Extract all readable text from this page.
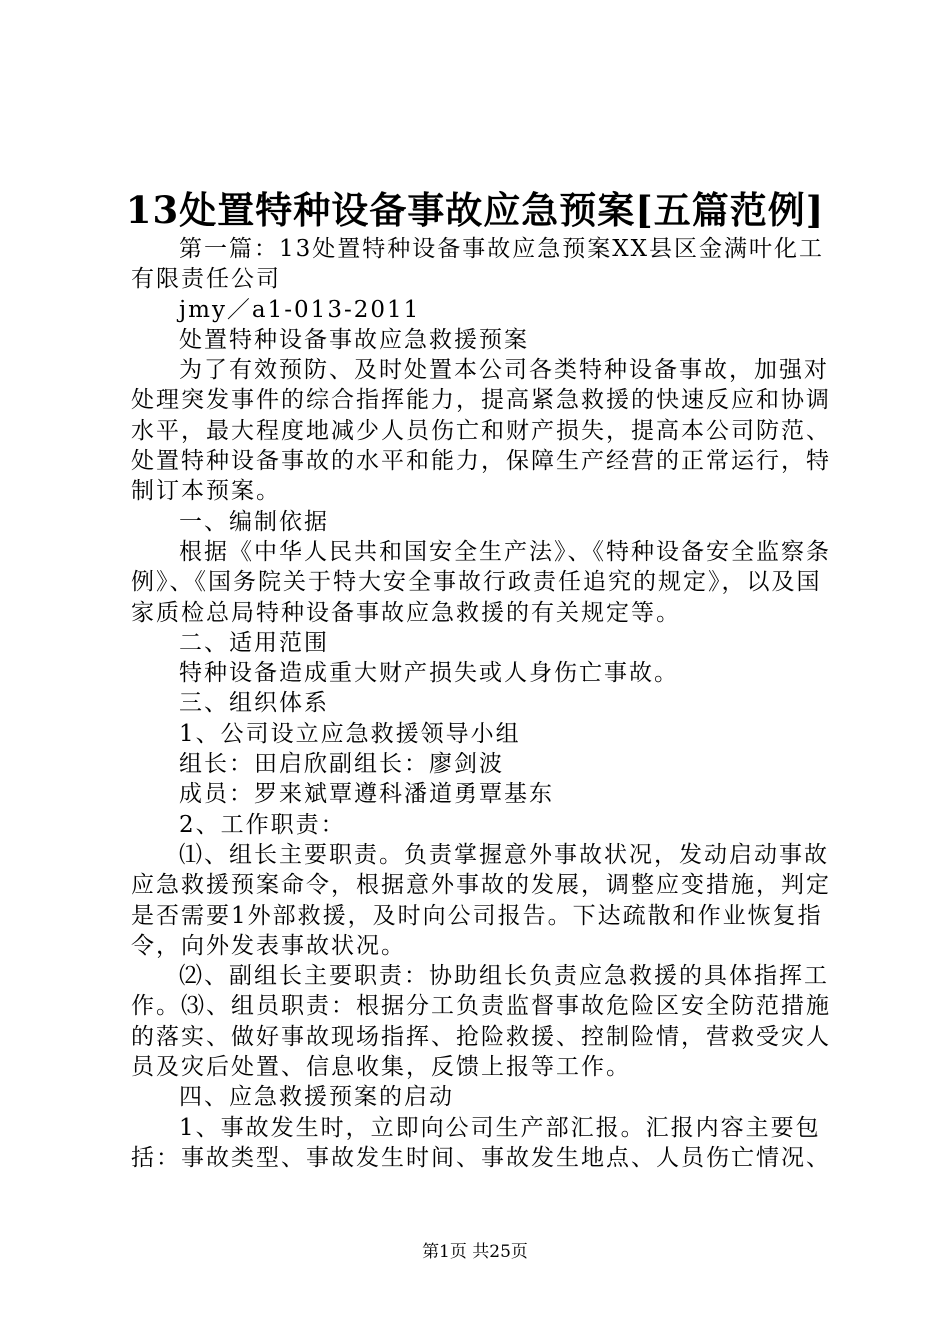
13处置特种设备事故应急预案[五篇范例]

第一篇：13处置特种设备事故应急预案XX县区金满叶化工有限责任公司

jmy／a1-013-2011

处置特种设备事故应急救援预案

为了有效预防、及时处置本公司各类特种设备事故，加强对处理突发事件的综合指挥能力，提高紧急救援的快速反应和协调水平，最大程度地减少人员伤亡和财产损失，提高本公司防范、处置特种设备事故的水平和能力，保障生产经营的正常运行，特制订本预案。

一、编制依据

根据《中华人民共和国安全生产法》、《特种设备安全监察条例》、《国务院关于特大安全事故行政责任追究的规定》，以及国家质检总局特种设备事故应急救援的有关规定等。

二、适用范围

特种设备造成重大财产损失或人身伤亡事故。

三、组织体系

1、公司设立应急救援领导小组

组长：田启欣副组长：廖剑波

成员：罗来斌覃遵科潘道勇覃基东

2、工作职责：

⑴、组长主要职责。负责掌握意外事故状况，发动启动事故应急救援预案命令，根据意外事故的发展，调整应变措施，判定是否需要1外部救援，及时向公司报告。下达疏散和作业恢复指令，向外发表事故状况。

⑵、副组长主要职责：协助组长负责应急救援的具体指挥工作。⑶、组员职责：根据分工负责监督事故危险区安全防范措施的落实、做好事故现场指挥、抢险救援、控制险情，营救受灾人员及灾后处置、信息收集，反馈上报等工作。

四、应急救援预案的启动

1、事故发生时，立即向公司生产部汇报。汇报内容主要包括：事故类型、事故发生时间、事故发生地点、人员伤亡情况、

第1页 共25页
